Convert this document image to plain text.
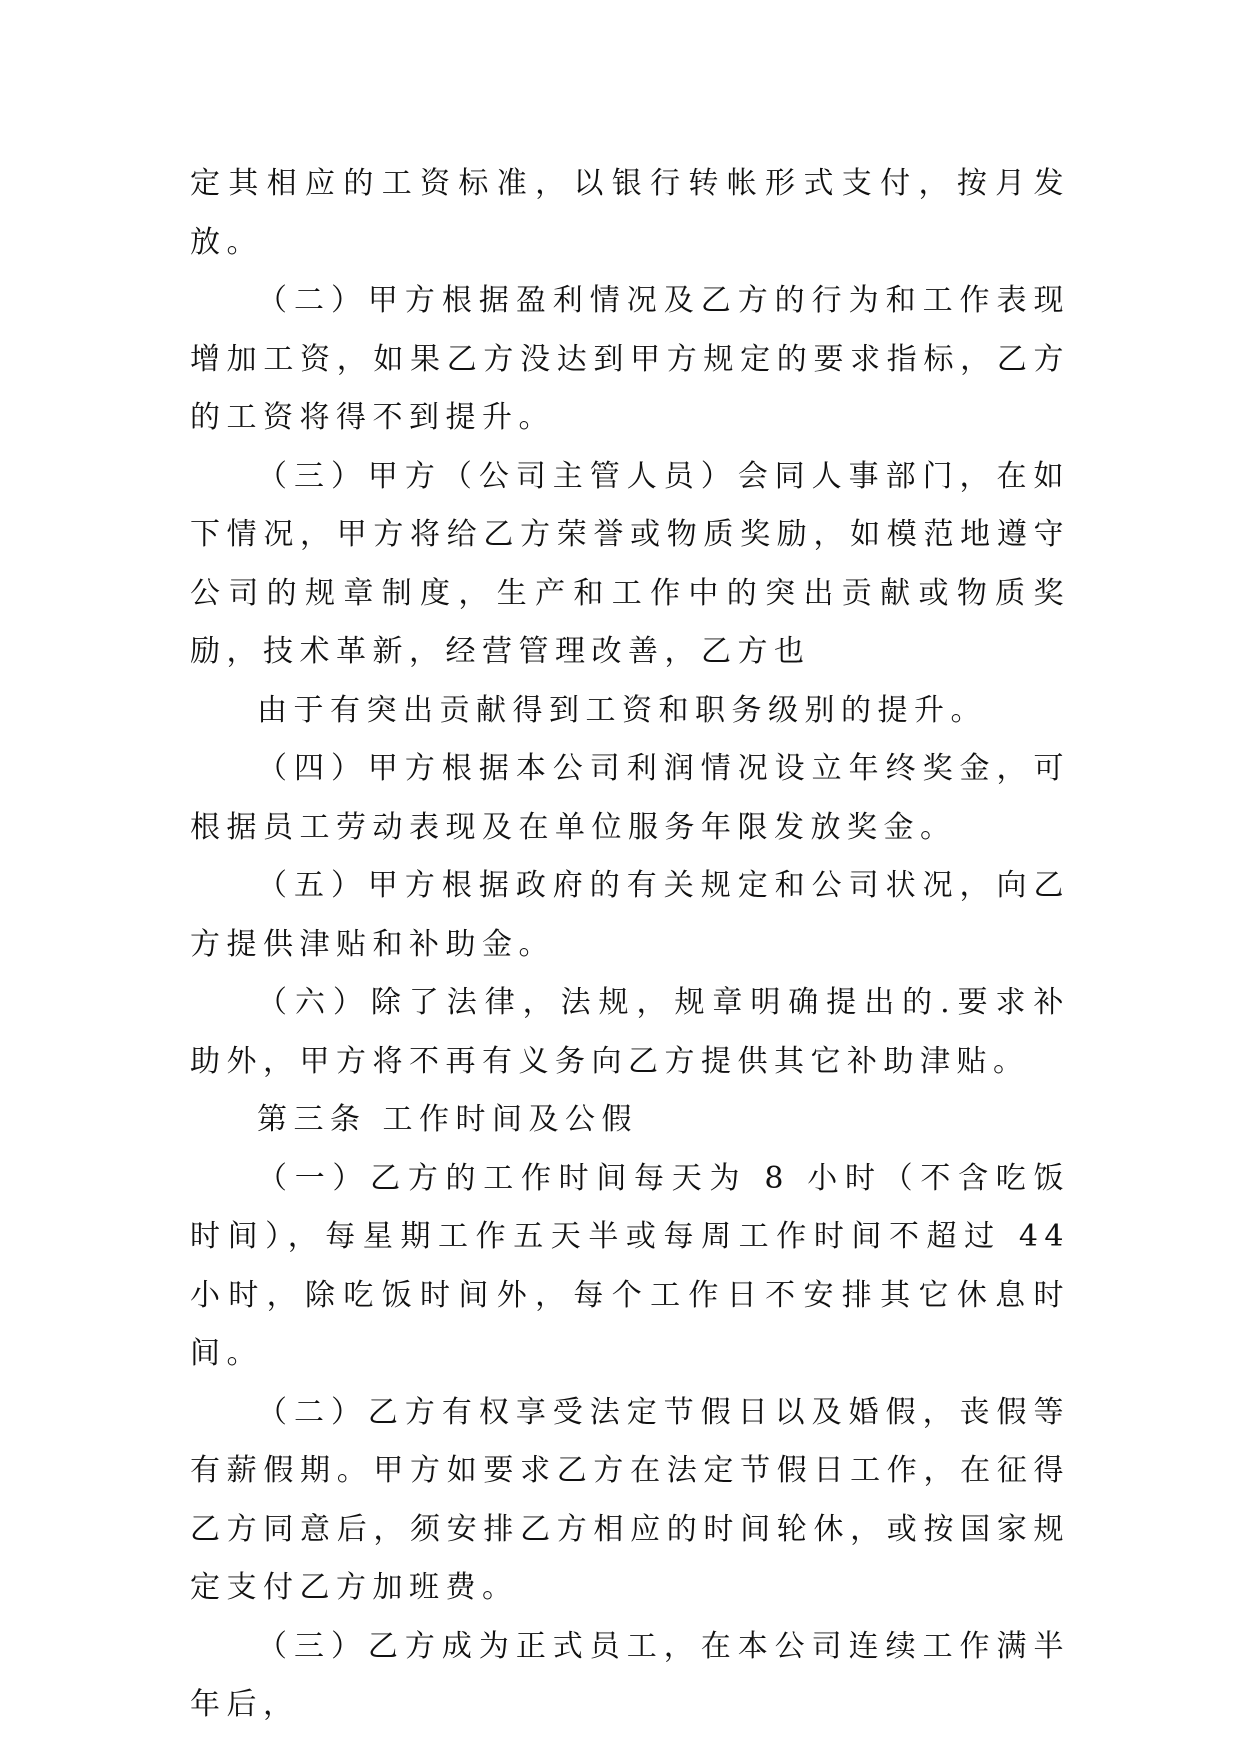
定其相应的工资标准，以银行转帐形式支付，按月发放。

（二）甲方根据盈利情况及乙方的行为和工作表现增加工资，如果乙方没达到甲方规定的要求指标，乙方的工资将得不到提升。

（三）甲方（公司主管人员）会同人事部门，在如下情况，甲方将给乙方荣誉或物质奖励，如模范地遵守公司的规章制度，生产和工作中的突出贡献或物质奖励，技术革新，经营管理改善，乙方也

由于有突出贡献得到工资和职务级别的提升。

（四）甲方根据本公司利润情况设立年终奖金，可根据员工劳动表现及在单位服务年限发放奖金。

（五）甲方根据政府的有关规定和公司状况，向乙方提供津贴和补助金。

（六）除了法律，法规，规章明确提出的.要求补助外，甲方将不再有义务向乙方提供其它补助津贴。

第三条 工作时间及公假

（一）乙方的工作时间每天为 8 小时（不含吃饭时间），每星期工作五天半或每周工作时间不超过 44 小时，除吃饭时间外，每个工作日不安排其它休息时间。

（二）乙方有权享受法定节假日以及婚假，丧假等有薪假期。甲方如要求乙方在法定节假日工作，在征得乙方同意后，须安排乙方相应的时间轮休，或按国家规定支付乙方加班费。

（三）乙方成为正式员工，在本公司连续工作满半年后，
